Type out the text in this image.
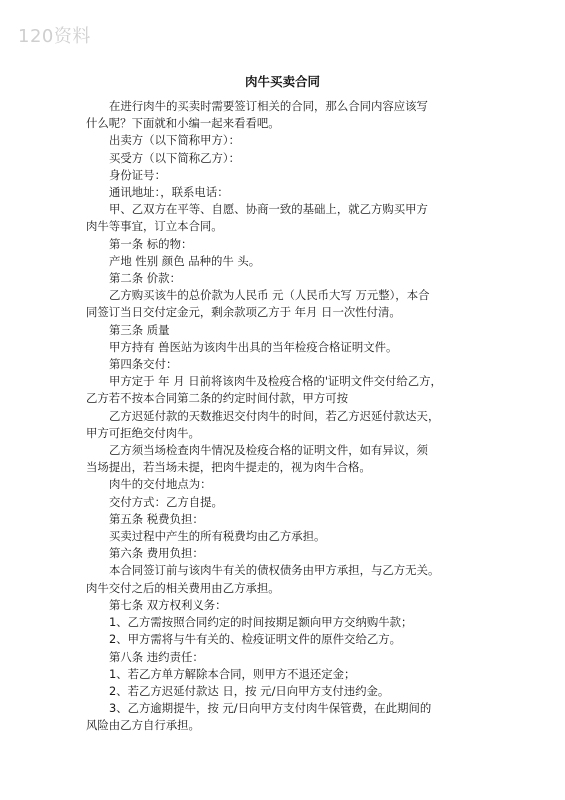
120资料
肉牛买卖合同
在进行肉牛的买卖时需要签订相关的合同，那么合同内容应该写
什么呢？下面就和小编一起来看看吧。
出卖方（以下简称甲方）：
买受方（以下简称乙方）：
身份证号：
通讯地址：，联系电话：
甲、乙双方在平等、自愿、协商一致的基础上，就乙方购买甲方
肉牛等事宜，订立本合同。
第一条 标的物：
产地 性别 颜色 品种的牛 头。
第二条 价款：
乙方购买该牛的总价款为人民币 元（人民币大写 万元整），本合
同签订当日交付定金元，剩余款项乙方于 年月 日一次性付清。
第三条 质量
甲方持有 兽医站为该肉牛出具的当年检疫合格证明文件。
第四条交付：
甲方定于 年 月 日前将该肉牛及检疫合格的'证明文件交付给乙方，
乙方若不按本合同第二条的约定时间付款，甲方可按
乙方迟延付款的天数推迟交付肉牛的时间，若乙方迟延付款达天，
甲方可拒绝交付肉牛。
乙方须当场检查肉牛情况及检疫合格的证明文件，如有异议，须
当场提出，若当场未提，把肉牛提走的，视为肉牛合格。
肉牛的交付地点为：
交付方式：乙方自提。
第五条 税费负担：
买卖过程中产生的所有税费均由乙方承担。
第六条 费用负担：
本合同签订前与该肉牛有关的债权债务由甲方承担，与乙方无关。
肉牛交付之后的相关费用由乙方承担。
第七条 双方权利义务：
1、乙方需按照合同约定的时间按期足额向甲方交纳购牛款；
2、甲方需将与牛有关的、检疫证明文件的原件交给乙方。
第八条 违约责任：
1、若乙方单方解除本合同，则甲方不退还定金；
2、若乙方迟延付款达 日，按 元/日向甲方支付违约金。
3、乙方逾期提牛，按 元/日向甲方支付肉牛保管费，在此期间的
风险由乙方自行承担。
